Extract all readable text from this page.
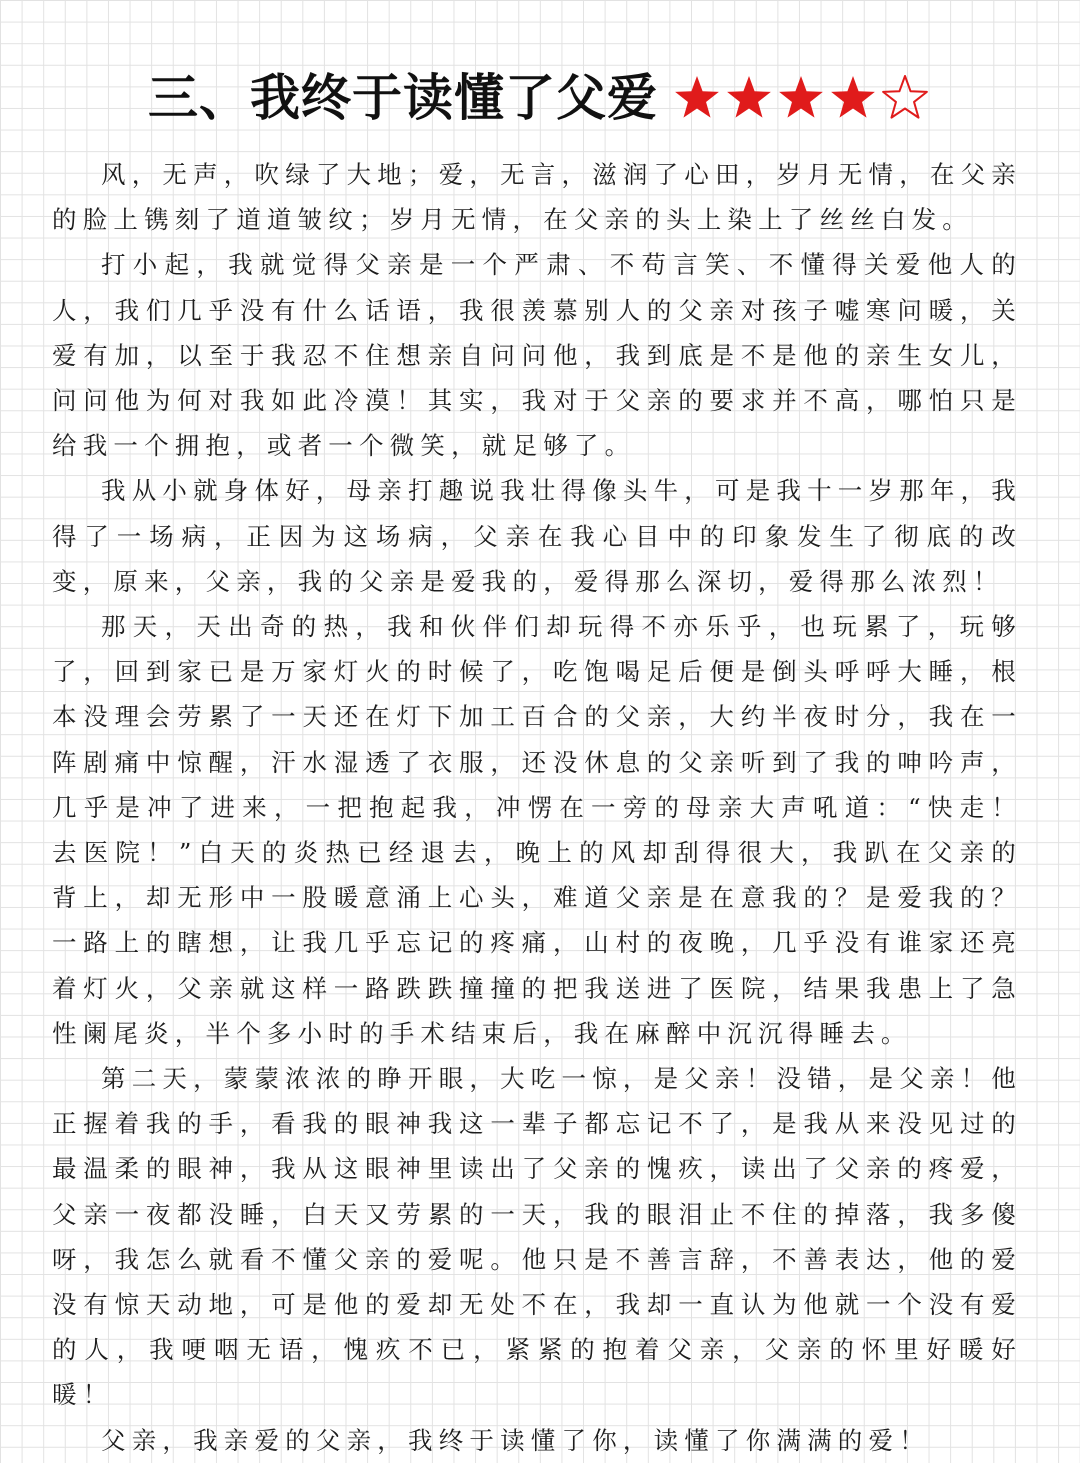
三、我终于读懂了父爱

风，无声，吹绿了大地；爱，无言，滋润了心田，岁月无情，在父亲的脸上镌刻了道道皱纹；岁月无情，在父亲的头上染上了丝丝白发。

打小起，我就觉得父亲是一个严肃、不苟言笑、不懂得关爱他人的人，我们几乎没有什么话语，我很羡慕别人的父亲对孩子嘘寒问暖，关爱有加，以至于我忍不住想亲自问问他，我到底是不是他的亲生女儿，问问他为何对我如此冷漠！其实，我对于父亲的要求并不高，哪怕只是给我一个拥抱，或者一个微笑，就足够了。

我从小就身体好，母亲打趣说我壮得像头牛，可是我十一岁那年，我得了一场病，正因为这场病，父亲在我心目中的印象发生了彻底的改变，原来，父亲，我的父亲是爱我的，爱得那么深切，爱得那么浓烈！

那天，天出奇的热，我和伙伴们却玩得不亦乐乎，也玩累了，玩够了，回到家已是万家灯火的时候了，吃饱喝足后便是倒头呼呼大睡，根本没理会劳累了一天还在灯下加工百合的父亲，大约半夜时分，我在一阵剧痛中惊醒，汗水湿透了衣服，还没休息的父亲听到了我的呻吟声，几乎是冲了进来，一把抱起我，冲愣在一旁的母亲大声吼道：“快走！去医院！”白天的炎热已经退去，晚上的风却刮得很大，我趴在父亲的背上，却无形中一股暖意涌上心头，难道父亲是在意我的？是爱我的？一路上的瞎想，让我几乎忘记的疼痛，山村的夜晚，几乎没有谁家还亮着灯火，父亲就这样一路跌跌撞撞的把我送进了医院，结果我患上了急性阑尾炎，半个多小时的手术结束后，我在麻醉中沉沉得睡去。

第二天，蒙蒙浓浓的睁开眼，大吃一惊，是父亲！没错，是父亲！他正握着我的手，看我的眼神我这一辈子都忘记不了，是我从来没见过的最温柔的眼神，我从这眼神里读出了父亲的愧疚，读出了父亲的疼爱，父亲一夜都没睡，白天又劳累的一天，我的眼泪止不住的掉落，我多傻呀，我怎么就看不懂父亲的爱呢。他只是不善言辞，不善表达，他的爱没有惊天动地，可是他的爱却无处不在，我却一直认为他就一个没有爱的人，我哽咽无语，愧疚不已，紧紧的抱着父亲，父亲的怀里好暖好暖！

父亲，我亲爱的父亲，我终于读懂了你，读懂了你满满的爱！
